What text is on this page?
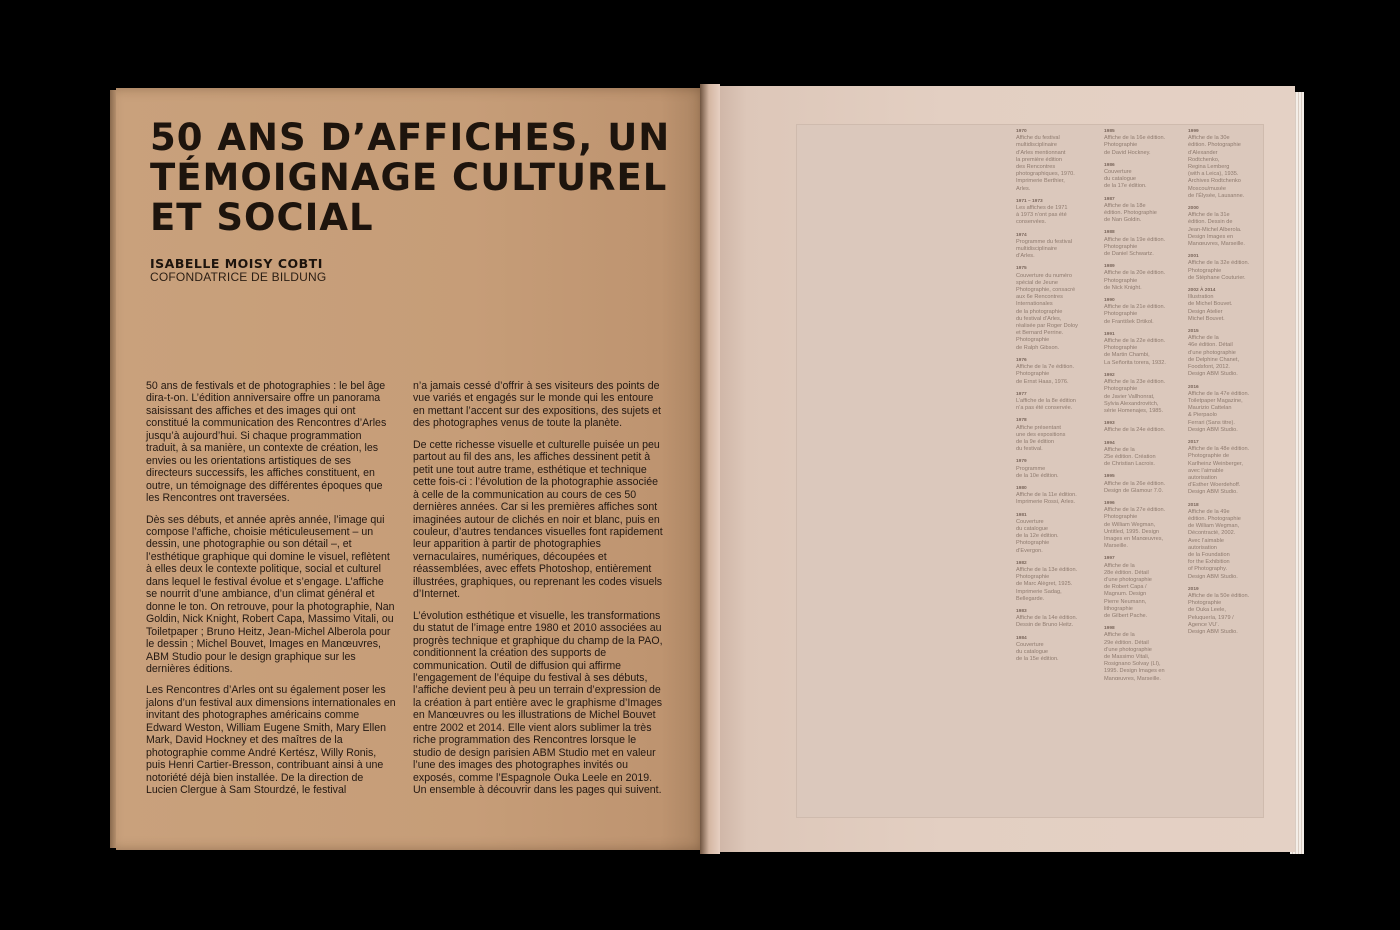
50 ANS D’AFFICHES, UN TÉMOIGNAGE CULTUREL ET SOCIAL
ISABELLE MOISY COBTI
COFONDATRICE DE BILDUNG

50 ans de festivals et de photographies : le bel âge dira-t-on. L’édition anniversaire offre un panorama saisissant des affiches et des images qui ont constitué la communication des Rencontres d’Arles jusqu’à aujourd’hui. Si chaque programmation traduit, à sa manière, un contexte de création, les envies ou les orientations artistiques de ses directeurs successifs, les affiches constituent, en outre, un témoignage des différentes époques que les Rencontres ont traversées.

Dès ses débuts, et année après année, l’image qui compose l’affiche, choisie méticuleusement – un dessin, une photographie ou son détail –, et l’esthétique graphique qui domine le visuel, reflètent à elles deux le contexte politique, social et culturel dans lequel le festival évolue et s’engage. L’affiche se nourrit d’une ambiance, d’un climat général et donne le ton. On retrouve, pour la photographie, Nan Goldin, Nick Knight, Robert Capa, Massimo Vitali, ou Toiletpaper ; Bruno Heitz, Jean-Michel Alberola pour le dessin ; Michel Bouvet, Images en Manœuvres, ABM Studio pour le design graphique sur les dernières éditions.

Les Rencontres d’Arles ont su également poser les jalons d’un festival aux dimensions internationales en invitant des photographes américains comme Edward Weston, William Eugene Smith, Mary Ellen Mark, David Hockney et des maîtres de la photographie comme André Kertész, Willy Ronis, puis Henri Cartier-Bresson, contribuant ainsi à une notoriété déjà bien installée. De la direction de Lucien Clergue à Sam Stourdzé, le festival

n’a jamais cessé d’offrir à ses visiteurs des points de vue variés et engagés sur le monde qui les entoure en mettant l’accent sur des expositions, des sujets et des photographes venus de toute la planète.

De cette richesse visuelle et culturelle puisée un peu partout au fil des ans, les affiches dessinent petit à petit une tout autre trame, esthétique et technique cette fois-ci : l’évolution de la photographie associée à celle de la communication au cours de ces 50 dernières années. Car si les premières affiches sont imaginées autour de clichés en noir et blanc, puis en couleur, d’autres tendances visuelles font rapidement leur apparition à partir de photographies vernaculaires, numériques, découpées et réassemblées, avec effets Photoshop, entièrement illustrées, graphiques, ou reprenant les codes visuels d’Internet.

L’évolution esthétique et visuelle, les transformations du statut de l’image entre 1980 et 2010 associées au progrès technique et graphique du champ de la PAO, conditionnent la création des supports de communication. Outil de diffusion qui affirme l’engagement de l’équipe du festival à ses débuts, l’affiche devient peu à peu un terrain d’expression de la création à part entière avec le graphisme d’Images en Manœuvres ou les illustrations de Michel Bouvet entre 2002 et 2014. Elle vient alors sublimer la très riche programmation des Rencontres lorsque le studio de design parisien ABM Studio met en valeur l’une des images des photographes invités ou exposés, comme l’Espagnole Ouka Leele en 2019. Un ensemble à découvrir dans les pages qui suivent.

1970
Affiche du festival
multidisciplinaire
d’Arles mentionnant
la première édition
des Rencontres
photographiques, 1970.
Imprimerie Berthier,
Arles.
1971 – 1973
Les affiches de 1971
à 1973 n’ont pas été
conservées.
1974
Programme du festival
multidisciplinaire
d’Arles.
1975
Couverture du numéro
spécial de Jeune
Photographie, consacré
aux 6e Rencontres
Internationales
de la photographie
du festival d’Arles,
réalisée par Roger Doloy
et Bernard Perrine.
Photographie
de Ralph Gibson.
1976
Affiche de la 7e édition.
Photographie
de Ernst Haas, 1976.
1977
L’affiche de la 8e édition
n’a pas été conservée.
1978
Affiche présentant
une des expositions
de la 9e édition
du festival.
1979
Programme
de la 10e édition.
1980
Affiche de la 11e édition.
Imprimerie Rossi, Arles.
1981
Couverture
du catalogue
de la 12e édition.
Photographie
d’Evergon.
1982
Affiche de la 13e édition.
Photographie
de Marc Alègret, 1925.
Imprimerie Sadag,
Bellegarde.
1983
Affiche de la 14e édition.
Dessin de Bruno Heitz.
1984
Couverture
du catalogue
de la 15e édition.
1985
Affiche de la 16e édition.
Photographie
de David Hockney.
1986
Couverture
du catalogue
de la 17e édition.
1987
Affiche de la 18e
édition. Photographie
de Nan Goldin.
1988
Affiche de la 19e édition.
Photographie
de Daniel Schwartz.
1989
Affiche de la 20e édition.
Photographie
de Nick Knight.
1990
Affiche de la 21e édition.
Photographie
de František Drtikol.
1991
Affiche de la 22e édition.
Photographie
de Martin Chambi,
La Señorita torera, 1932.
1992
Affiche de la 23e édition.
Photographie
de Javier Vallhonrat,
Sylvia Alexandrovitch,
série Homenajes, 1985.
1993
Affiche de la 24e édition.
1994
Affiche de la
25e édition. Création
de Christian Lacroix.
1995
Affiche de la 26e édition.
Design de Glamour 7.0.
1996
Affiche de la 27e édition.
Photographie
de William Wegman,
Untitled, 1995. Design
Images en Manœuvres,
Marseille.
1997
Affiche de la
28e édition. Détail
d’une photographie
de Robert Capa /
Magnum. Design
Pierre Neumann,
lithographie
de Gilbert Pache.
1998
Affiche de la
29e édition. Détail
d’une photographie
de Massimo Vitali,
Rosignano Solvay (LI),
1995. Design Images en
Manœuvres, Marseille.
1999
Affiche de la 30e
édition. Photographie
d’Alexander
Rodtchenko,
Regina Lemberg
(with a Leica), 1935.
Archives Rodtchenko
Moscou/musée
de l’Élysée, Lausanne.
2000
Affiche de la 31e
édition. Dessin de
Jean-Michel Alberola.
Design Images en
Manœuvres, Marseille.
2001
Affiche de la 32e édition.
Photographie
de Stéphane Couturier.
2002 À 2014
Illustration
de Michel Bouvet.
Design Atelier
Michel Bouvet.
2015
Affiche de la
46e édition. Détail
d’une photographie
de Delphine Chanet,
Foodsfont, 2012.
Design ABM Studio.
2016
Affiche de la 47e édition.
Toiletpaper Magazine,
Maurizio Cattelan
& Pierpaolo
Ferrari (Sans titre).
Design ABM Studio.
2017
Affiche de la 48e édition.
Photographie de
Karlheinz Weinberger,
avec l’aimable
autorisation
d’Esther Woerdehoff.
Design ABM Studio.
2018
Affiche de la 49e
édition. Photographie
de William Wegman,
Décontracté, 2002.
Avec l’aimable
autorisation
de la Foundation
for the Exhibition
of Photography.
Design ABM Studio.
2019
Affiche de la 50e édition.
Photographie
de Ouka Leele,
Peluquería, 1979 /
Agence VU’.
Design ABM Studio.
